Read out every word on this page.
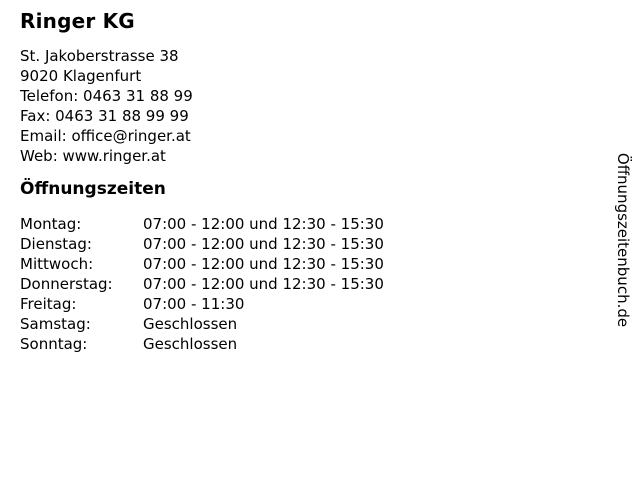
Ringer KG
St. Jakoberstrasse 38
9020 Klagenfurt
Telefon: 0463 31 88 99
Fax: 0463 31 88 99 99
Email: office@ringer.at
Web: www.ringer.at
Öffnungszeiten
Montag:	07:00 - 12:00 und 12:30 - 15:30
Dienstag:	07:00 - 12:00 und 12:30 - 15:30
Mittwoch:	07:00 - 12:00 und 12:30 - 15:30
Donnerstag:	07:00 - 12:00 und 12:30 - 15:30
Freitag:	07:00 - 11:30
Samstag:	Geschlossen
Sonntag:	Geschlossen
Öffnungszeitenbuch.de
